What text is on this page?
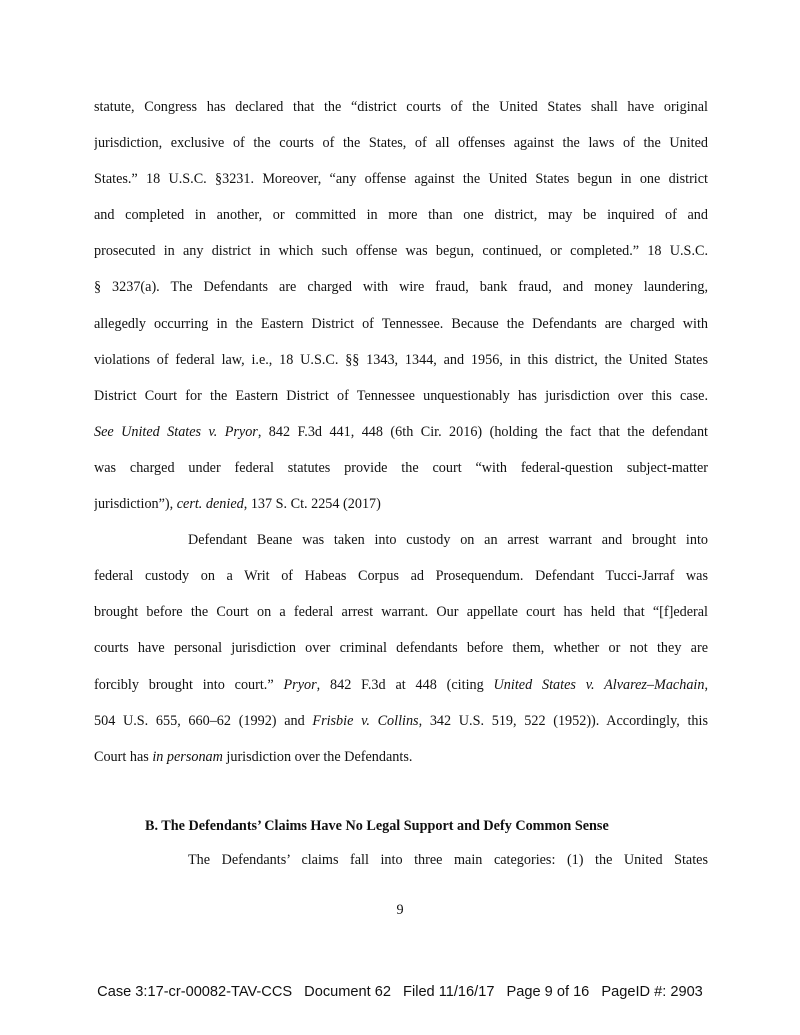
statute, Congress has declared that the “district courts of the United States shall have original
jurisdiction, exclusive of the courts of the States, of all offenses against the laws of the United
States.” 18 U.S.C. §3231. Moreover, “any offense against the United States begun in one district
and completed in another, or committed in more than one district, may be inquired of and
prosecuted in any district in which such offense was begun, continued, or completed.” 18 U.S.C.
§ 3237(a). The Defendants are charged with wire fraud, bank fraud, and money laundering,
allegedly occurring in the Eastern District of Tennessee. Because the Defendants are charged with
violations of federal law, i.e., 18 U.S.C. §§ 1343, 1344, and 1956, in this district, the United States
District Court for the Eastern District of Tennessee unquestionably has jurisdiction over this case.
See United States v. Pryor, 842 F.3d 441, 448 (6th Cir. 2016) (holding the fact that the defendant
was charged under federal statutes provide the court “with federal-question subject-matter
jurisdiction”), cert. denied, 137 S. Ct. 2254 (2017)
Defendant Beane was taken into custody on an arrest warrant and brought into
federal custody on a Writ of Habeas Corpus ad Prosequendum. Defendant Tucci-Jarraf was
brought before the Court on a federal arrest warrant. Our appellate court has held that “[f]ederal
courts have personal jurisdiction over criminal defendants before them, whether or not they are
forcibly brought into court.” Pryor, 842 F.3d at 448 (citing United States v. Alvarez–Machain,
504 U.S. 655, 660–62 (1992) and Frisbie v. Collins, 342 U.S. 519, 522 (1952)). Accordingly, this
Court has in personam jurisdiction over the Defendants.
B. The Defendants’ Claims Have No Legal Support and Defy Common Sense
The Defendants’ claims fall into three main categories: (1) the United States
9
Case 3:17-cr-00082-TAV-CCS Document 62 Filed 11/16/17 Page 9 of 16 PageID #: 2903
